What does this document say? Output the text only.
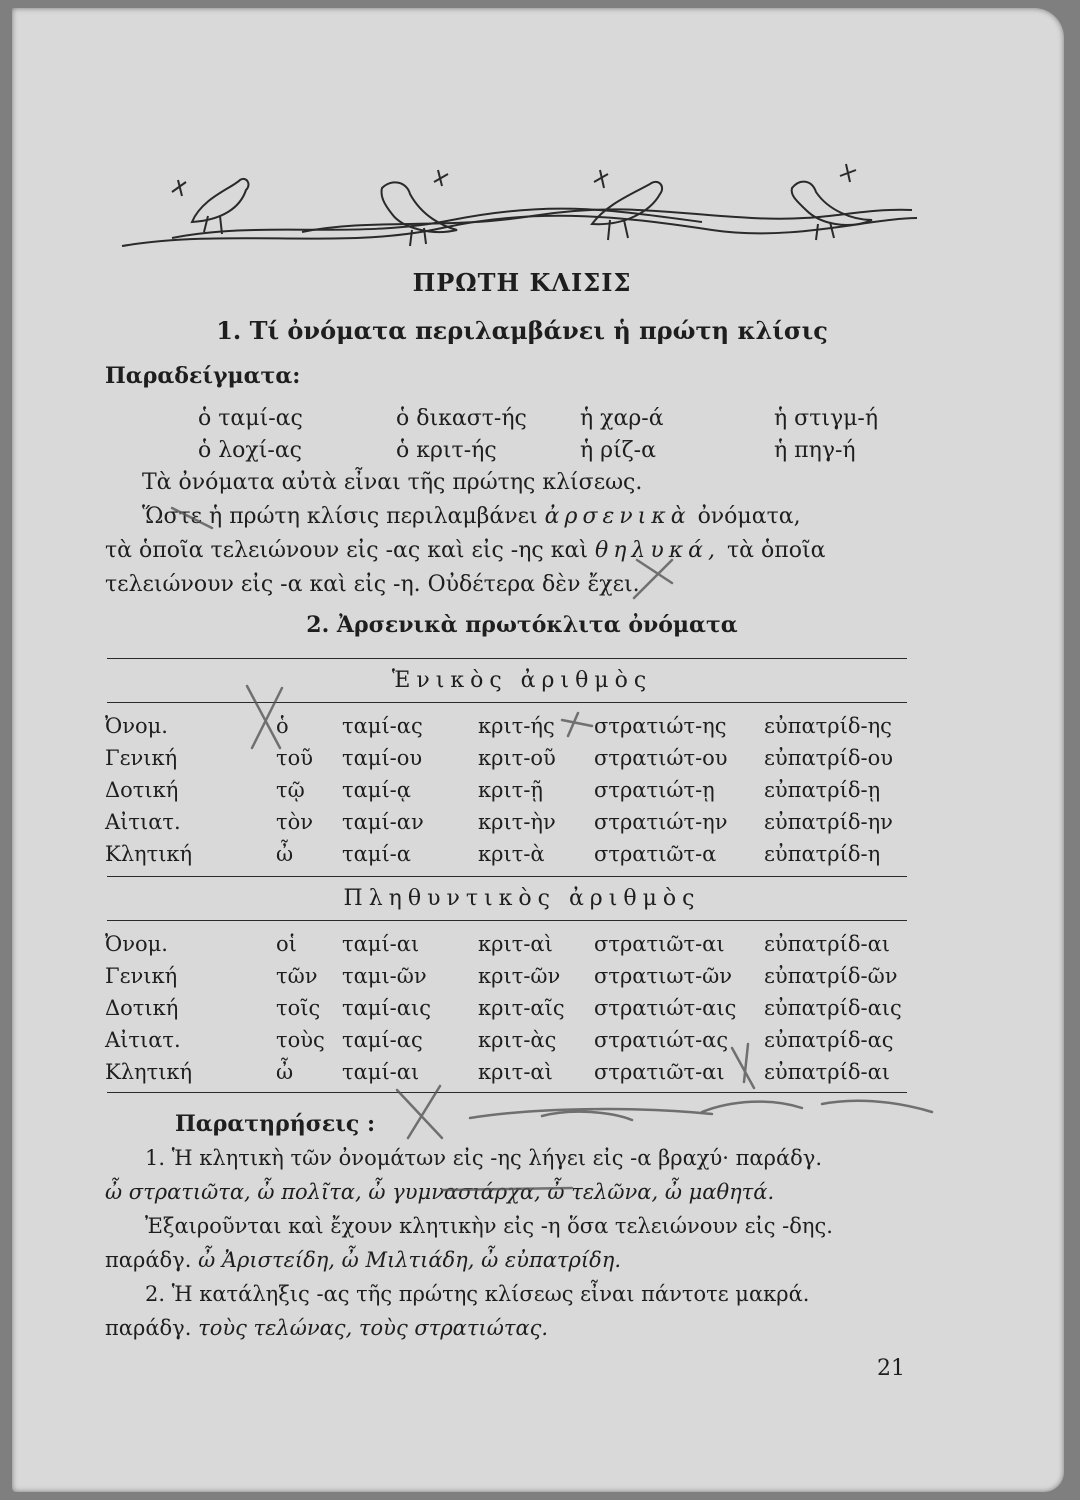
ΠΡΩΤΗ ΚΛΙΣΙΣ
1. Τί ὀνόματα περιλαμβάνει ἡ πρώτη κλίσις
Παραδείγματα:
ὁ ταμί-ας	ὁ δικαστ-ής ἡ χαρ-ά	ἡ στιγμ-ή
ὁ λοχί-ας	ὁ κριτ-ής	ἡ ρίζ-α	ἡ πηγ-ή
Τὰ ὀνόματα αὐτὰ εἶναι τῆς πρώτης κλίσεως.
Ὥστε ἡ πρώτη κλίσις περιλαμβάνει ἀρσενικὰ ὀνόματα,
τὰ ὁποῖα τελειώνουν εἰς -ας καὶ εἰς -ης καὶ θηλυκά, τὰ ὁποῖα
τελειώνουν εἰς -α καὶ εἰς -η. Οὐδέτερα δὲν ἔχει.
2. Ἀρσενικὰ πρωτόκλιτα ὀνόματα
Ἑνικὸς ἀριθμὸς
Πληθυντικὸς ἀριθμὸς
Ὀνομ.	ὁ	ταμί-ας	κριτ-ής στρατιώτ-ης εὐπατρίδ-ης
Γενική	τοῦ ταμί-ου	κριτ-οῦ στρατιώτ-ου εὐπατρίδ-ου
Δοτική	τῷ ταμί-ᾳ	κριτ-ῇ στρατιώτ-ῃ εὐπατρίδ-ῃ
Αἰτιατ.	τὸν ταμί-αν	κριτ-ὴν στρατιώτ-ην εὐπατρίδ-ην
Κλητική	ὦ ταμί-α	κριτ-ὰ στρατιῶτ-α εὐπατρίδ-η
Ὀνομ.	οἱ ταμί-αι	κριτ-αὶ στρατιῶτ-αι εὐπατρίδ-αι
Γενική	τῶν ταμι-ῶν κριτ-ῶν στρατιωτ-ῶν εὐπατρίδ-ῶν
Δοτική	τοῖς ταμί-αις κριτ-αῖς στρατιώτ-αις εὐπατρίδ-αις
Αἰτιατ.	τοὺς ταμί-ας	κριτ-ὰς στρατιώτ-ας εὐπατρίδ-ας
Κλητική	ὦ ταμί-αι	κριτ-αὶ στρατιῶτ-αι εὐπατρίδ-αι
Παρατηρήσεις :
1. Ἡ κλητικὴ τῶν ὀνομάτων εἰς -ης λήγει εἰς -α βραχύ· παράδγ.
ὦ στρατιῶτα, ὦ πολῖτα, ὦ γυμνασιάρχα, ὦ τελῶνα, ὦ μαθητά.
Ἐξαιροῦνται καὶ ἔχουν κλητικὴν εἰς -η ὅσα τελειώνουν εἰς -δης.
παράδγ. ὦ Ἀριστείδη, ὦ Μιλτιάδη, ὦ εὐπατρίδη.
2. Ἡ κατάληξις -ας τῆς πρώτης κλίσεως εἶναι πάντοτε μακρά.
παράδγ. τοὺς τελώνας, τοὺς στρατιώτας.
21
